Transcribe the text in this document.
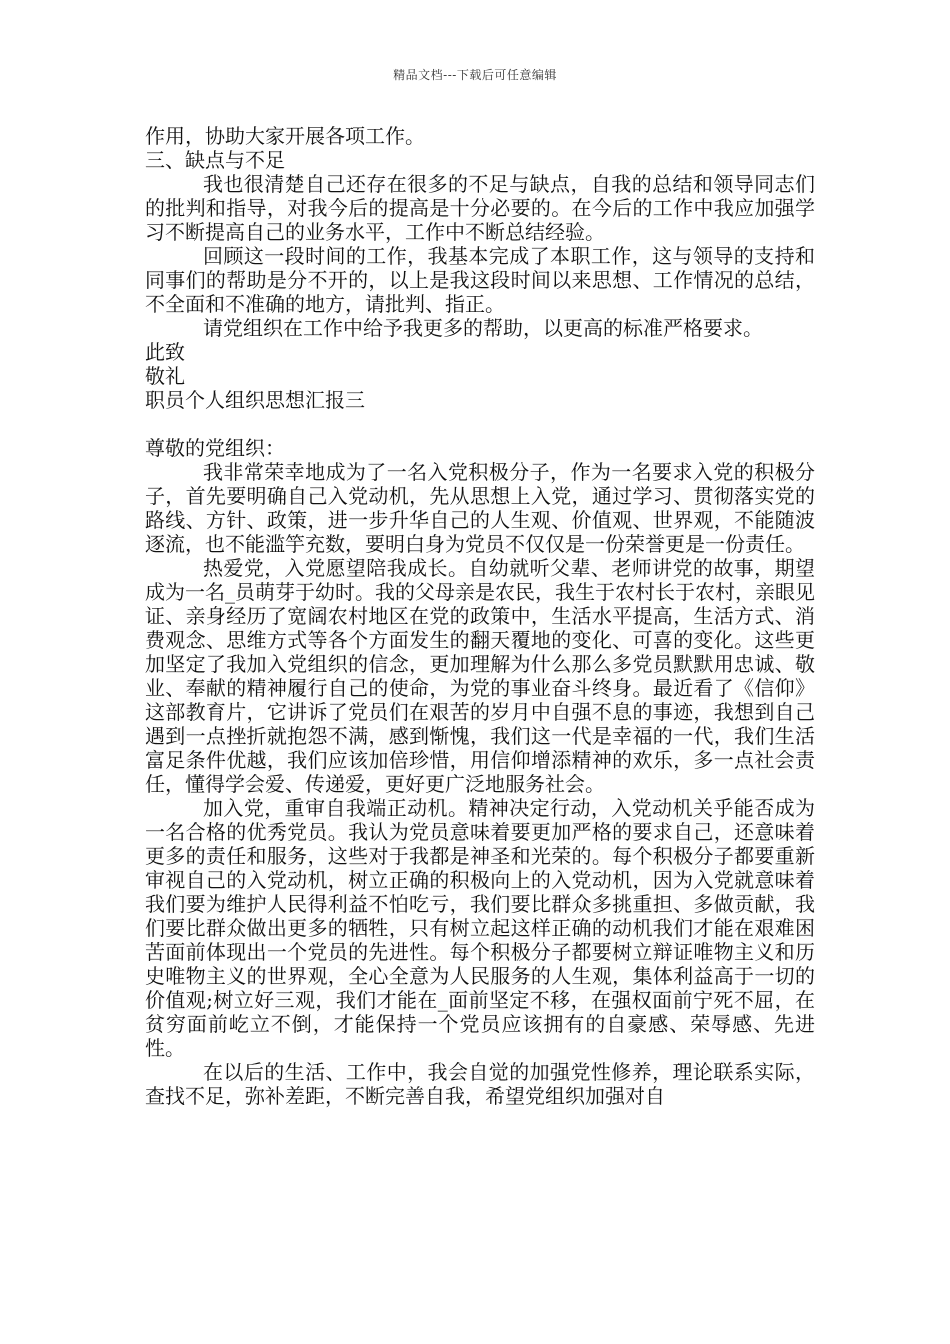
精品文档---下载后可任意编辑

作用，协助大家开展各项工作。

三、缺点与不足

我也很清楚自己还存在很多的不足与缺点，自我的总结和领导同志们的批判和指导，对我今后的提高是十分必要的。在今后的工作中我应加强学习不断提高自己的业务水平，工作中不断总结经验。

回顾这一段时间的工作，我基本完成了本职工作，这与领导的支持和同事们的帮助是分不开的，以上是我这段时间以来思想、工作情况的总结，不全面和不准确的地方，请批判、指正。

请党组织在工作中给予我更多的帮助，以更高的标准严格要求。

此致

敬礼

职员个人组织思想汇报三

尊敬的党组织：

我非常荣幸地成为了一名入党积极分子，作为一名要求入党的积极分子，首先要明确自己入党动机，先从思想上入党，通过学习、贯彻落实党的路线、方针、政策，进一步升华自己的人生观、价值观、世界观，不能随波逐流，也不能滥竽充数，要明白身为党员不仅仅是一份荣誉更是一份责任。

热爱党，入党愿望陪我成长。自幼就听父辈、老师讲党的故事，期望成为一名_员萌芽于幼时。我的父母亲是农民，我生于农村长于农村，亲眼见证、亲身经历了宽阔农村地区在党的政策中，生活水平提高，生活方式、消费观念、思维方式等各个方面发生的翻天覆地的变化、可喜的变化。这些更加坚定了我加入党组织的信念，更加理解为什么那么多党员默默用忠诚、敬业、奉献的精神履行自己的使命，为党的事业奋斗终身。最近看了《信仰》这部教育片，它讲诉了党员们在艰苦的岁月中自强不息的事迹，我想到自己遇到一点挫折就抱怨不满，感到惭愧，我们这一代是幸福的一代，我们生活富足条件优越，我们应该加倍珍惜，用信仰增添精神的欢乐，多一点社会责任，懂得学会爱、传递爱，更好更广泛地服务社会。

加入党，重审自我端正动机。精神决定行动，入党动机关乎能否成为一名合格的优秀党员。我认为党员意味着要更加严格的要求自己，还意味着更多的责任和服务，这些对于我都是神圣和光荣的。每个积极分子都要重新审视自己的入党动机，树立正确的积极向上的入党动机，因为入党就意味着我们要为维护人民得利益不怕吃亏，我们要比群众多挑重担、多做贡献，我们要比群众做出更多的牺牲，只有树立起这样正确的动机我们才能在艰难困苦面前体现出一个党员的先进性。每个积极分子都要树立辩证唯物主义和历史唯物主义的世界观，全心全意为人民服务的人生观，集体利益高于一切的价值观;树立好三观，我们才能在_面前坚定不移，在强权面前宁死不屈，在贫穷面前屹立不倒，才能保持一个党员应该拥有的自豪感、荣辱感、先进性。

在以后的生活、工作中，我会自觉的加强党性修养，理论联系实际，查找不足，弥补差距，不断完善自我，希望党组织加强对自
